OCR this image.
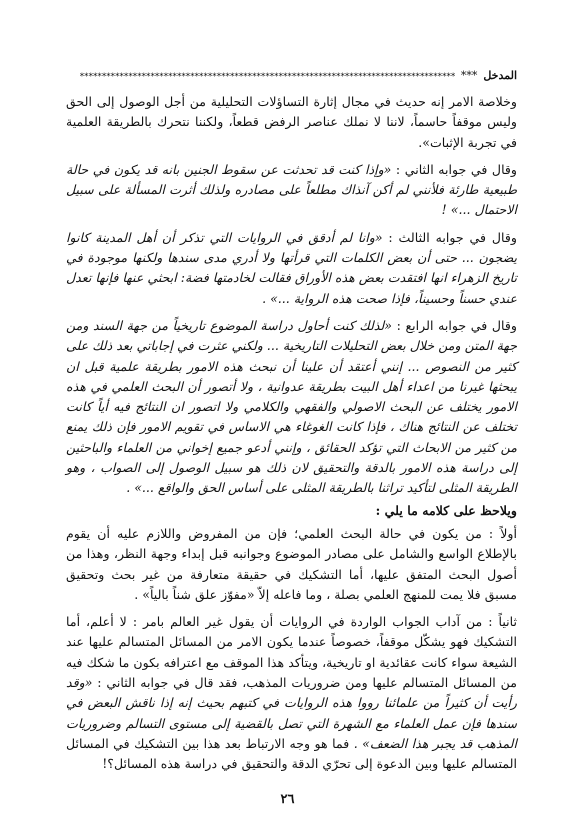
المدخل
***
*************************************************************************************

وخلاصة الامر إنه حديث في مجال إثارة التساؤلات التحليلية من أجل الوصول إلى الحق وليس موقفاً حاسماً، لاننا لا نملك عناصر الرفض قطعاً، ولكننا نتحرك بالطريقة العلمية في تجربة الإثبات».

وقال في جوابه الثاني : «وإذا كنت قد تحدثت عن سقوط الجنين بانه قد يكون في حالة طبيعية طارئة فلأنني لم أكن آنذاك مطلعاً على مصادره ولذلك أثرت المسألة على سبيل الاحتمال ...» !

وقال في جوابه الثالث : «وانا لم أدقق في الروايات التي تذكر أن أهل المدينة كانوا يضجون ... حتى أن بعض الكلمات التي قرأتها ولا أدري مدى سندها ولكنها موجودة في تاريخ الزهراء انها افتقدت بعض هذه الأوراق فقالت لخادمتها فضة: ابحثي عنها فإنها تعدل عندي حسناً وحسيناً، فإذا صحت هذه الرواية ...» .

وقال في جوابه الرابع : «لذلك كنت أحاول دراسة الموضوع تاريخياً من جهة السند ومن جهة المتن ومن خلال بعض التحليلات التاريخية ... ولكني عثرت في إجاباتي بعد ذلك على كثير من النصوص ... إنني أعتقد أن علينا أن نبحث هذه الامور بطريقة علمية قبل ان يبحثها غيرنا من اعداء أهل البيت بطريقة عدوانية ، ولا أتصور أن البحث العلمي في هذه الامور يختلف عن البحث الاصولي والفقهي والكلامي ولا اتصور ان النتائج فيه أياً كانت تختلف عن النتائج هناك ، فإذا كانت الغوغاء هي الاساس في تقويم الامور فإن ذلك يمنع من كثير من الابحاث التي تؤكد الحقائق ، وإنني أدعو جميع إخواني من العلماء والباحثين إلى دراسة هذه الامور بالدقة والتحقيق لان ذلك هو سبيل الوصول إلى الصواب ، وهو الطريقة المثلى لتأكيد تراثنا بالطريقة المثلى على أساس الحق والواقع ...» .

ويلاحظ على كلامه ما يلي :

أولاً : من يكون في حالة البحث العلمي؛ فإن من المفروض واللازم عليه أن يقوم بالإطلاع الواسع والشامل على مصادر الموضوع وجوانبه قبل إبداء وجهة النظر، وهذا من أصول البحث المتفق عليها، أما التشكيك في حقيقة متعارفة من غير بحث وتحقيق مسبق فلا يمت للمنهج العلمي بصلة ، وما فاعله إلاّ «مفوّز علق شناً بالياً» .

ثانياً : من آداب الجواب الواردة في الروايات أن يقول غير العالم بامر : لا أعلم، أما التشكيك فهو يشكّل موقفاً، خصوصاً عندما يكون الامر من المسائل المتسالم عليها عند الشيعة سواء كانت عقائدية او تاريخية، ويتأكد هذا الموقف مع اعترافه بكون ما شكك فيه من المسائل المتسالم عليها ومن ضروريات المذهب، فقد قال في جوابه الثاني : «وقد رأيت أن كثيراً من علمائنا رووا هذه الروايات في كتبهم بحيث إنه إذا ناقش البعض في سندها فإن عمل العلماء مع الشهرة التي تصل بالقضية إلى مستوى التسالم وضروريات المذهب قد يجبر هذا الضعف» . فما هو وجه الارتباط بعد هذا بين التشكيك في المسائل المتسالم عليها وبين الدعوة إلى تحرّي الدقة والتحقيق في دراسة هذه المسائل؟!

٢٦
